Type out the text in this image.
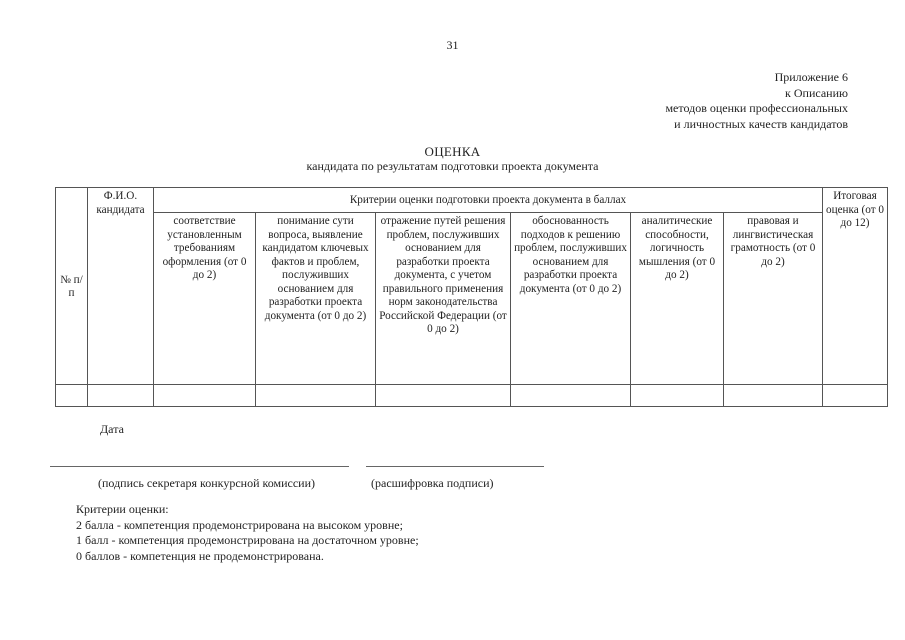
31
Приложение 6
к Описанию
методов оценки профессиональных
и личностных качеств кандидатов
ОЦЕНКА
кандидата по результатам подготовки проекта документа
№ п/п	Ф.И.О. кандидата	Критерии оценки подготовки проекта документа в баллах						Итоговая оценка (от 0 до 12)
		соответствие установленным требованиям оформления (от 0 до 2)	понимание сути вопроса, выявление кандидатом ключевых фактов и проблем, послуживших основанием для разработки проекта документа (от 0 до 2)	отражение путей решения проблем, послуживших основанием для разработки проекта документа, с учетом правильного применения норм законодательства Российской Федерации (от 0 до 2)	обоснованность подходов к решению проблем, послуживших основанием для разработки проекта документа (от 0 до 2)	аналитические способности, логичность мышления (от 0 до 2)	правовая и лингвистическая грамотность (от 0 до 2)	

Дата
(подпись секретаря конкурсной комиссии)	(расшифровка подписи)
Критерии оценки:
2 балла - компетенция продемонстрирована на высоком уровне;
1 балл - компетенция продемонстрирована на достаточном уровне;
0 баллов - компетенция не продемонстрирована.
